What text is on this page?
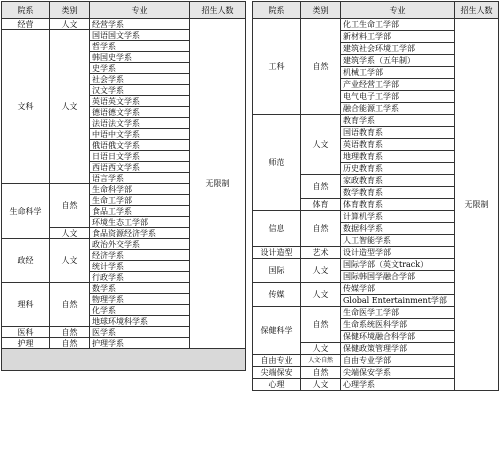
院系	类别	专业	招生人数
经营	人文	经营学系	无限制
文科	人文	国语国文学系	
		哲学系	
		韩国史学系	
		史学系	
		社会学系	
		汉文学系	
		英语英文学系	
		德语德文学系	
		法语法文学系	
		中语中文学系	
		俄语俄文学系	
		日语日文学系	
		西语西文学系	
		语言学系	
生命科学	自然	生命科学部	
		生命工学部	
		食品工学系	
		环境生态工学部	
	人文	食品资源经济学系	
政经	人文	政治外交学系	
		经济学系	
		统计学系	
		行政学系	
理科	自然	数学系	
		物理学系	
		化学系	
		地球环境科学系	
医科	自然	医学系	
护理	自然	护理学系	

院系	类别	专业	招生人数
工科	自然	化工生命工学部	无限制
		新材料工学部	
		建筑社会环境工学部	
		建筑学系（五年制）	
		机械工学部	
		产业经营工学部	
		电气电子工学部	
		融合能源工学系	
师范	人文	教育学系	
		国语教育系	
		英语教育系	
		地理教育系	
		历史教育系	
	自然	家政教育系	
		数学教育系	
	体育	体育教育系	
信息	自然	计算机学系	
		数据科学系	
		人工智能学系	
设计造型	艺术	设计造型学部	
国际	人文	国际学部（英文track）	
		国际韩国学融合学部	
传媒	人文	传媒学部	
		Global Entertainment学部	
保健科学	自然	生命医学工学部	
		生命系统医科学部	
		保健环境融合科学部	
	人文	保健政策管理学部	
自由专业	人文·自然	自由专业学部	
尖端保安	自然	尖端保安学系	
心理	人文	心理学系	
